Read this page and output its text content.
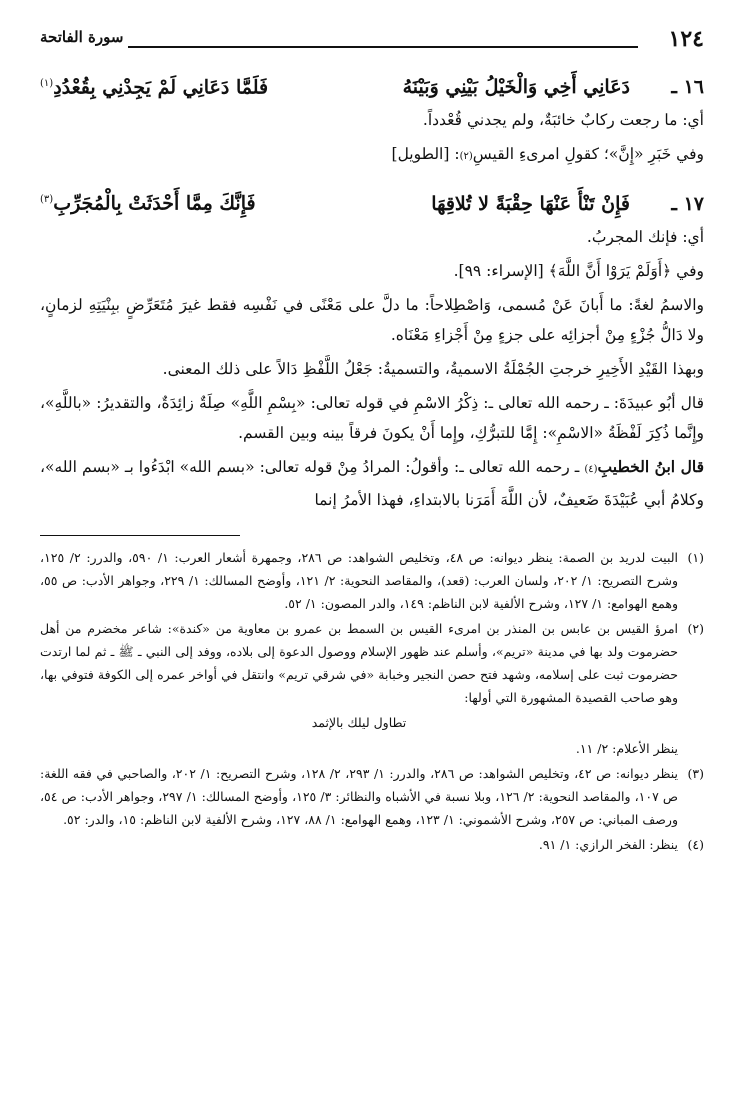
١٢٤
سورة الفاتحة
١٦ ـ
دَعَانِي أَخِي وَالْخَيْلُ بَيْنِي وَبَيْنَهُ
فَلَمَّا دَعَانِي لَمْ يَجِدْنِي بِقُعْدُدِ$^{(١)}$

أي: ما رجعت ركابٌ خائبَةٌ، ولم يجدني قُعْدداً.

وفي خَبَرِ «إِنَّ»؛ كقولِ امرىءِ القيسِ(٢): [الطويل]

١٧ ـ
فَإِنْ تَنْأَ عَنْهَا حِقْبَةً لا تُلاقِهَا
فَإِنَّكَ مِمَّا أَحْدَثَتْ بِالْمُجَرِّبِ$^{(٣)}$

أي: فإنك المجربُ.

وفي ﴿أَوَلَمْ يَرَوْا أَنَّ اللَّهَ﴾ [الإسراء: ٩٩].

والاسمُ لغةً: ما أَبانَ عَنْ مُسمى، وَاصْطِلاحاً: ما دلَّ على مَعْنًى في نَفْسِه فقط غيرَ مُتَعَرِّضٍ ببِنْيَتِهِ لزمانٍ، ولا دَالُّ جُزْءٍ مِنْ أجزائِه على جزءٍ مِنْ أَجْزاءِ مَعْنَاه.

وبهذا القَيْدِ الأَخِيرِ خرجتِ الجُمْلَةُ الاسميةُ، والتسميةُ: جَعْلُ اللَّفْظِ دَالاً على ذلك المعنى.

قال أبُو عبيدَةَ: ـ رحمه الله تعالى ـ: ذِكْرُ الاسْمِ في قوله تعالى: «بِسْمِ اللَّهِ» صِلَةٌ زائِدَةٌ، والتقديرُ: «باللَّهِ»، وإِنَّما ذُكِرَ لَفْظَةُ «الاسْمِ»: إِمَّا للتبرُّكِ، وإِما أَنْ يكونَ فرقاً بينه وبين القسم.

قال ابنُ الخطيبِ(٤) ـ رحمه الله تعالى ـ: وأقولُ: المرادُ مِنْ قوله تعالى: «بسم الله» ابْدَءُوا بـ «بسم الله»، وكلامُ أبي عُبَيْدَةَ ضَعيفٌ، لأن اللَّهَ أَمَرَنا بالابتداءِ، فهذا الأمرُ إنما

(١)
البيت لدريد بن الصمة: ينظر ديوانه: ص ٤٨، وتخليص الشواهد: ص ٢٨٦، وجمهرة أشعار العرب: ١/ ٥٩٠، والدرر: ٢/ ١٢٥، وشرح التصريح: ١/ ٢٠٢، ولسان العرب: (قعد)، والمقاصد النحوية: ٢/ ١٢١، وأوضح المسالك: ١/ ٢٢٩، وجواهر الأدب: ص ٥٥، وهمع الهوامع: ١/ ١٢٧، وشرح الألفية لابن الناظم: ١٤٩، والدر المصون: ١/ ٥٢.
(٢)
امرؤ القيس بن عابس بن المنذر بن امرىء القيس بن السمط بن عمرو بن معاوية من «كندة»: شاعر مخضرم من أهل حضرموت ولد بها في مدينة «تريم»، وأسلم عند ظهور الإسلام ووصول الدعوة إلى بلاده، ووفد إلى النبي ـ ﷺ ـ ثم لما ارتدت حضرموت ثبت على إسلامه، وشهد فتح حصن النجير وخبابة «في شرقي تريم» وانتقل في أواخر عمره إلى الكوفة فتوفي بها، وهو صاحب القصيدة المشهورة التي أولها:
تطاول ليلك بالإثمد
ينظر الأعلام: ٢/ ١١.
(٣)
ينظر ديوانه: ص ٤٢، وتخليص الشواهد: ص ٢٨٦، والدرر: ١/ ٢٩٣، ٢/ ١٢٨، وشرح التصريح: ١/ ٢٠٢، والصاحبي في فقه اللغة: ص ١٠٧، والمقاصد النحوية: ٢/ ١٢٦، وبلا نسبة في الأشباه والنظائر: ٣/ ١٢٥، وأوضح المسالك: ١/ ٢٩٧، وجواهر الأدب: ص ٥٤، ورصف المباني: ص ٢٥٧، وشرح الأشموني: ١/ ١٢٣، وهمع الهوامع: ١/ ٨٨، ١٢٧، وشرح الألفية لابن الناظم: ١٥، والدر: ٥٢.
(٤)
ينظر: الفخر الرازي: ١/ ٩١.
